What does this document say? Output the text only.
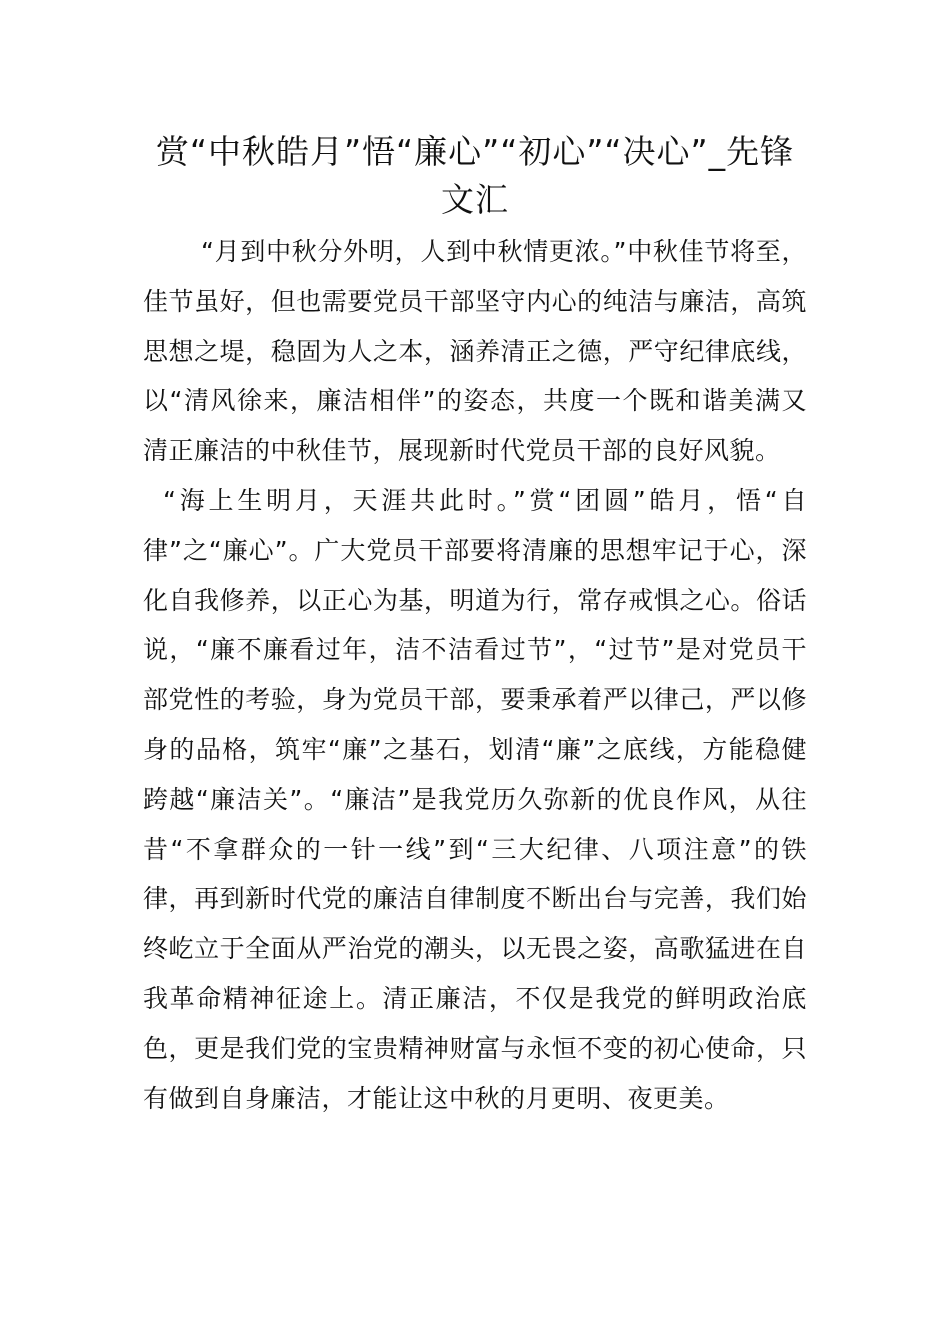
赏“中秋皓月”悟“廉心”“初心”“决心”_先锋文汇

“月到中秋分外明，人到中秋情更浓。”中秋佳节将至，佳节虽好，但也需要党员干部坚守内心的纯洁与廉洁，高筑思想之堤，稳固为人之本，涵养清正之德，严守纪律底线，以“清风徐来，廉洁相伴”的姿态，共度一个既和谐美满又清正廉洁的中秋佳节，展现新时代党员干部的良好风貌。

“海上生明月，天涯共此时。”赏“团圆”皓月，悟“自律”之“廉心”。广大党员干部要将清廉的思想牢记于心，深化自我修养，以正心为基，明道为行，常存戒惧之心。俗话说，“廉不廉看过年，洁不洁看过节”，“过节”是对党员干部党性的考验，身为党员干部，要秉承着严以律己，严以修身的品格，筑牢“廉”之基石，划清“廉”之底线，方能稳健跨越“廉洁关”。“廉洁”是我党历久弥新的优良作风，从往昔“不拿群众的一针一线”到“三大纪律、八项注意”的铁律，再到新时代党的廉洁自律制度不断出台与完善，我们始终屹立于全面从严治党的潮头，以无畏之姿，高歌猛进在自我革命精神征途上。清正廉洁，不仅是我党的鲜明政治底色，更是我们党的宝贵精神财富与永恒不变的初心使命，只有做到自身廉洁，才能让这中秋的月更明、夜更美。
